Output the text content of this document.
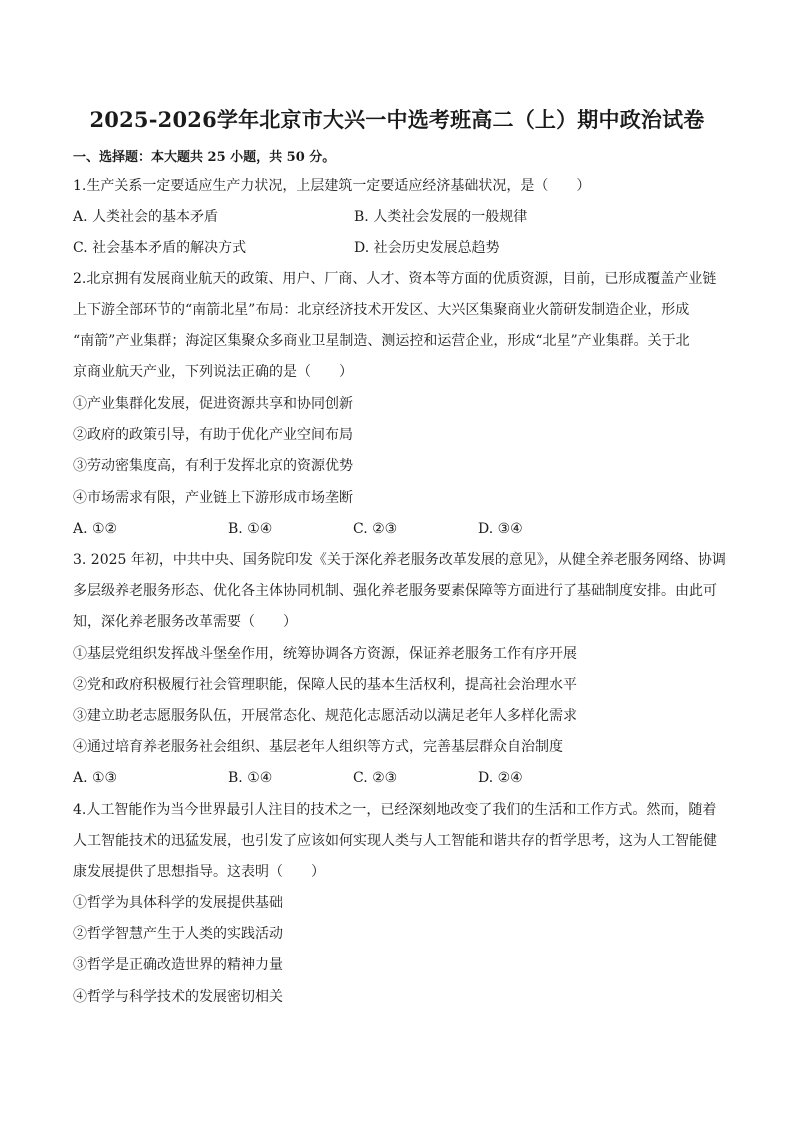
2025-2026学年北京市大兴一中选考班高二（上）期中政治试卷
一、选择题：本大题共 25 小题，共 50 分。
1.生产关系一定要适应生产力状况，上层建筑一定要适应经济基础状况，是（　　）
A. 人类社会的基本矛盾	B. 人类社会发展的一般规律
C. 社会基本矛盾的解决方式	D. 社会历史发展总趋势
2.北京拥有发展商业航天的政策、用户、厂商、人才、资本等方面的优质资源，目前，已形成覆盖产业链
上下游全部环节的“南箭北星”布局：北京经济技术开发区、大兴区集聚商业火箭研发制造企业，形成
“南箭”产业集群；海淀区集聚众多商业卫星制造、测运控和运营企业，形成“北星”产业集群。关于北
京商业航天产业，下列说法正确的是（　　）
①产业集群化发展，促进资源共享和协同创新
②政府的政策引导，有助于优化产业空间布局
③劳动密集度高，有利于发挥北京的资源优势
④市场需求有限，产业链上下游形成市场垄断
A. ①②	B. ①④	C. ②③	D. ③④
3. 2025 年初，中共中央、国务院印发《关于深化养老服务改革发展的意见》，从健全养老服务网络、协调
多层级养老服务形态、优化各主体协同机制、强化养老服务要素保障等方面进行了基础制度安排。由此可
知，深化养老服务改革需要（　　）
①基层党组织发挥战斗堡垒作用，统筹协调各方资源，保证养老服务工作有序开展
②党和政府积极履行社会管理职能，保障人民的基本生活权利，提高社会治理水平
③建立助老志愿服务队伍，开展常态化、规范化志愿活动以满足老年人多样化需求
④通过培育养老服务社会组织、基层老年人组织等方式，完善基层群众自治制度
A. ①③	B. ①④	C. ②③	D. ②④
4.人工智能作为当今世界最引人注目的技术之一，已经深刻地改变了我们的生活和工作方式。然而，随着
人工智能技术的迅猛发展，也引发了应该如何实现人类与人工智能和谐共存的哲学思考，这为人工智能健
康发展提供了思想指导。这表明（　　）
①哲学为具体科学的发展提供基础
②哲学智慧产生于人类的实践活动
③哲学是正确改造世界的精神力量
④哲学与科学技术的发展密切相关
